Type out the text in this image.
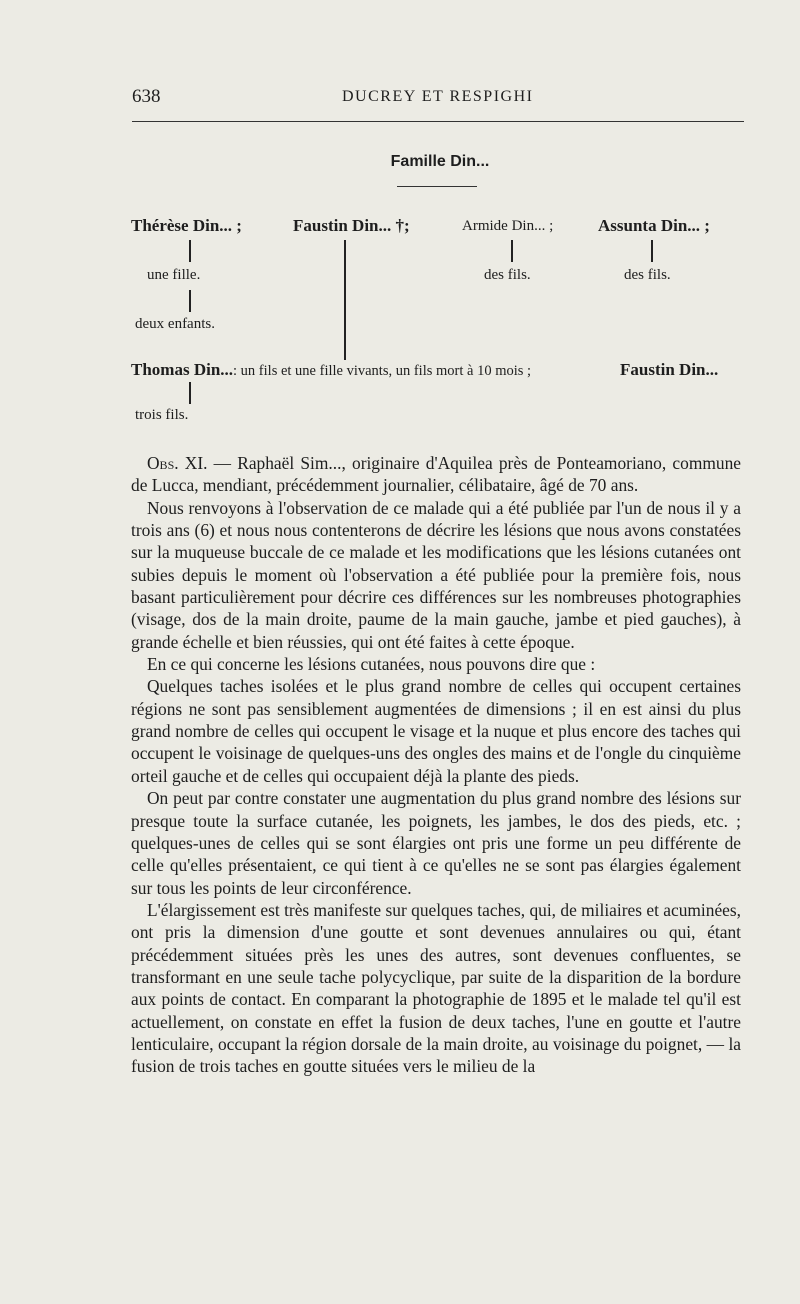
638	DUCREY ET RESPIGHI
Famille Din...
Thérèse Din... ;	Faustin Din... †;	Armide Din... ;	Assunta Din... ;
une fille.	des fils.	des fils.
deux enfants.
Thomas Din...: un fils et une fille vivants, un fils mort à 10 mois ;	Faustin Din...
trois fils.

Obs. XI. — Raphaël Sim..., originaire d'Aquilea près de Ponteamoriano, commune de Lucca, mendiant, précédemment journalier, célibataire, âgé de 70 ans.

Nous renvoyons à l'observation de ce malade qui a été publiée par l'un de nous il y a trois ans (6) et nous nous contenterons de décrire les lésions que nous avons constatées sur la muqueuse buccale de ce malade et les modifications que les lésions cutanées ont subies depuis le moment où l'observation a été publiée pour la première fois, nous basant particulièrement pour décrire ces différences sur les nombreuses photographies (visage, dos de la main droite, paume de la main gauche, jambe et pied gauches), à grande échelle et bien réussies, qui ont été faites à cette époque.

En ce qui concerne les lésions cutanées, nous pouvons dire que :

Quelques taches isolées et le plus grand nombre de celles qui occupent certaines régions ne sont pas sensiblement augmentées de dimensions ; il en est ainsi du plus grand nombre de celles qui occupent le visage et la nuque et plus encore des taches qui occupent le voisinage de quelques-uns des ongles des mains et de l'ongle du cinquième orteil gauche et de celles qui occupaient déjà la plante des pieds.

On peut par contre constater une augmentation du plus grand nombre des lésions sur presque toute la surface cutanée, les poignets, les jambes, le dos des pieds, etc. ; quelques-unes de celles qui se sont élargies ont pris une forme un peu différente de celle qu'elles présentaient, ce qui tient à ce qu'elles ne se sont pas élargies également sur tous les points de leur circonférence.

L'élargissement est très manifeste sur quelques taches, qui, de miliaires et acuminées, ont pris la dimension d'une goutte et sont devenues annulaires ou qui, étant précédemment situées près les unes des autres, sont devenues confluentes, se transformant en une seule tache polycyclique, par suite de la disparition de la bordure aux points de contact. En comparant la photographie de 1895 et le malade tel qu'il est actuellement, on constate en effet la fusion de deux taches, l'une en goutte et l'autre lenticulaire, occupant la région dorsale de la main droite, au voisinage du poignet, — la fusion de trois taches en goutte situées vers le milieu de la
